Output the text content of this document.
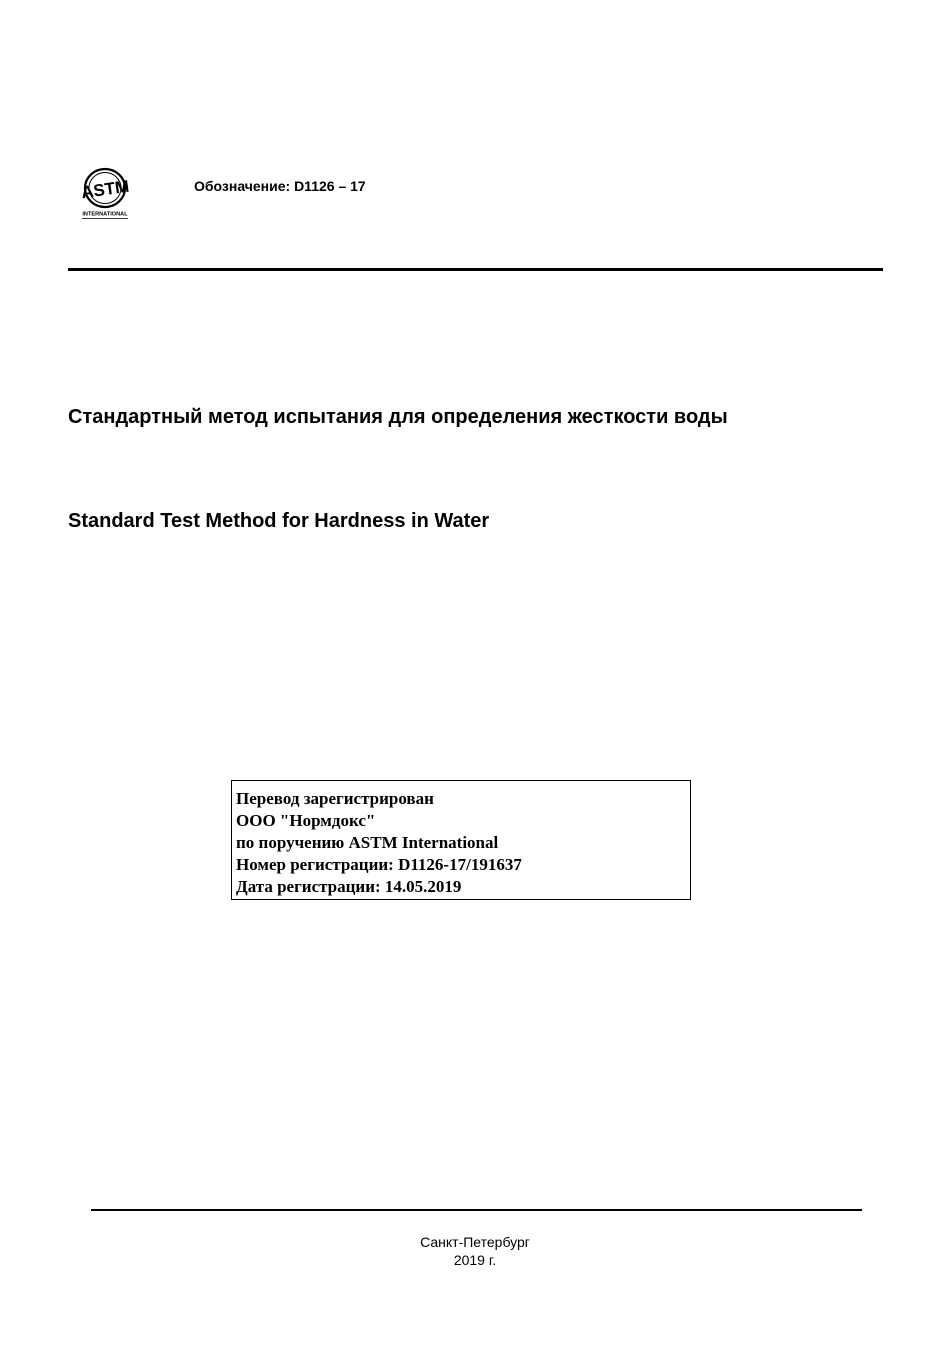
ASTM
INTERNATIONAL
Обозначение: D1126 – 17
Стандартный метод испытания для определения жесткости воды
Standard Test Method for Hardness in Water
Перевод зарегистрирован
ООО "Нормдокс"
по поручению ASTM International
Номер регистрации: D1126-17/191637
Дата регистрации: 14.05.2019
Санкт-Петербург
2019 г.
